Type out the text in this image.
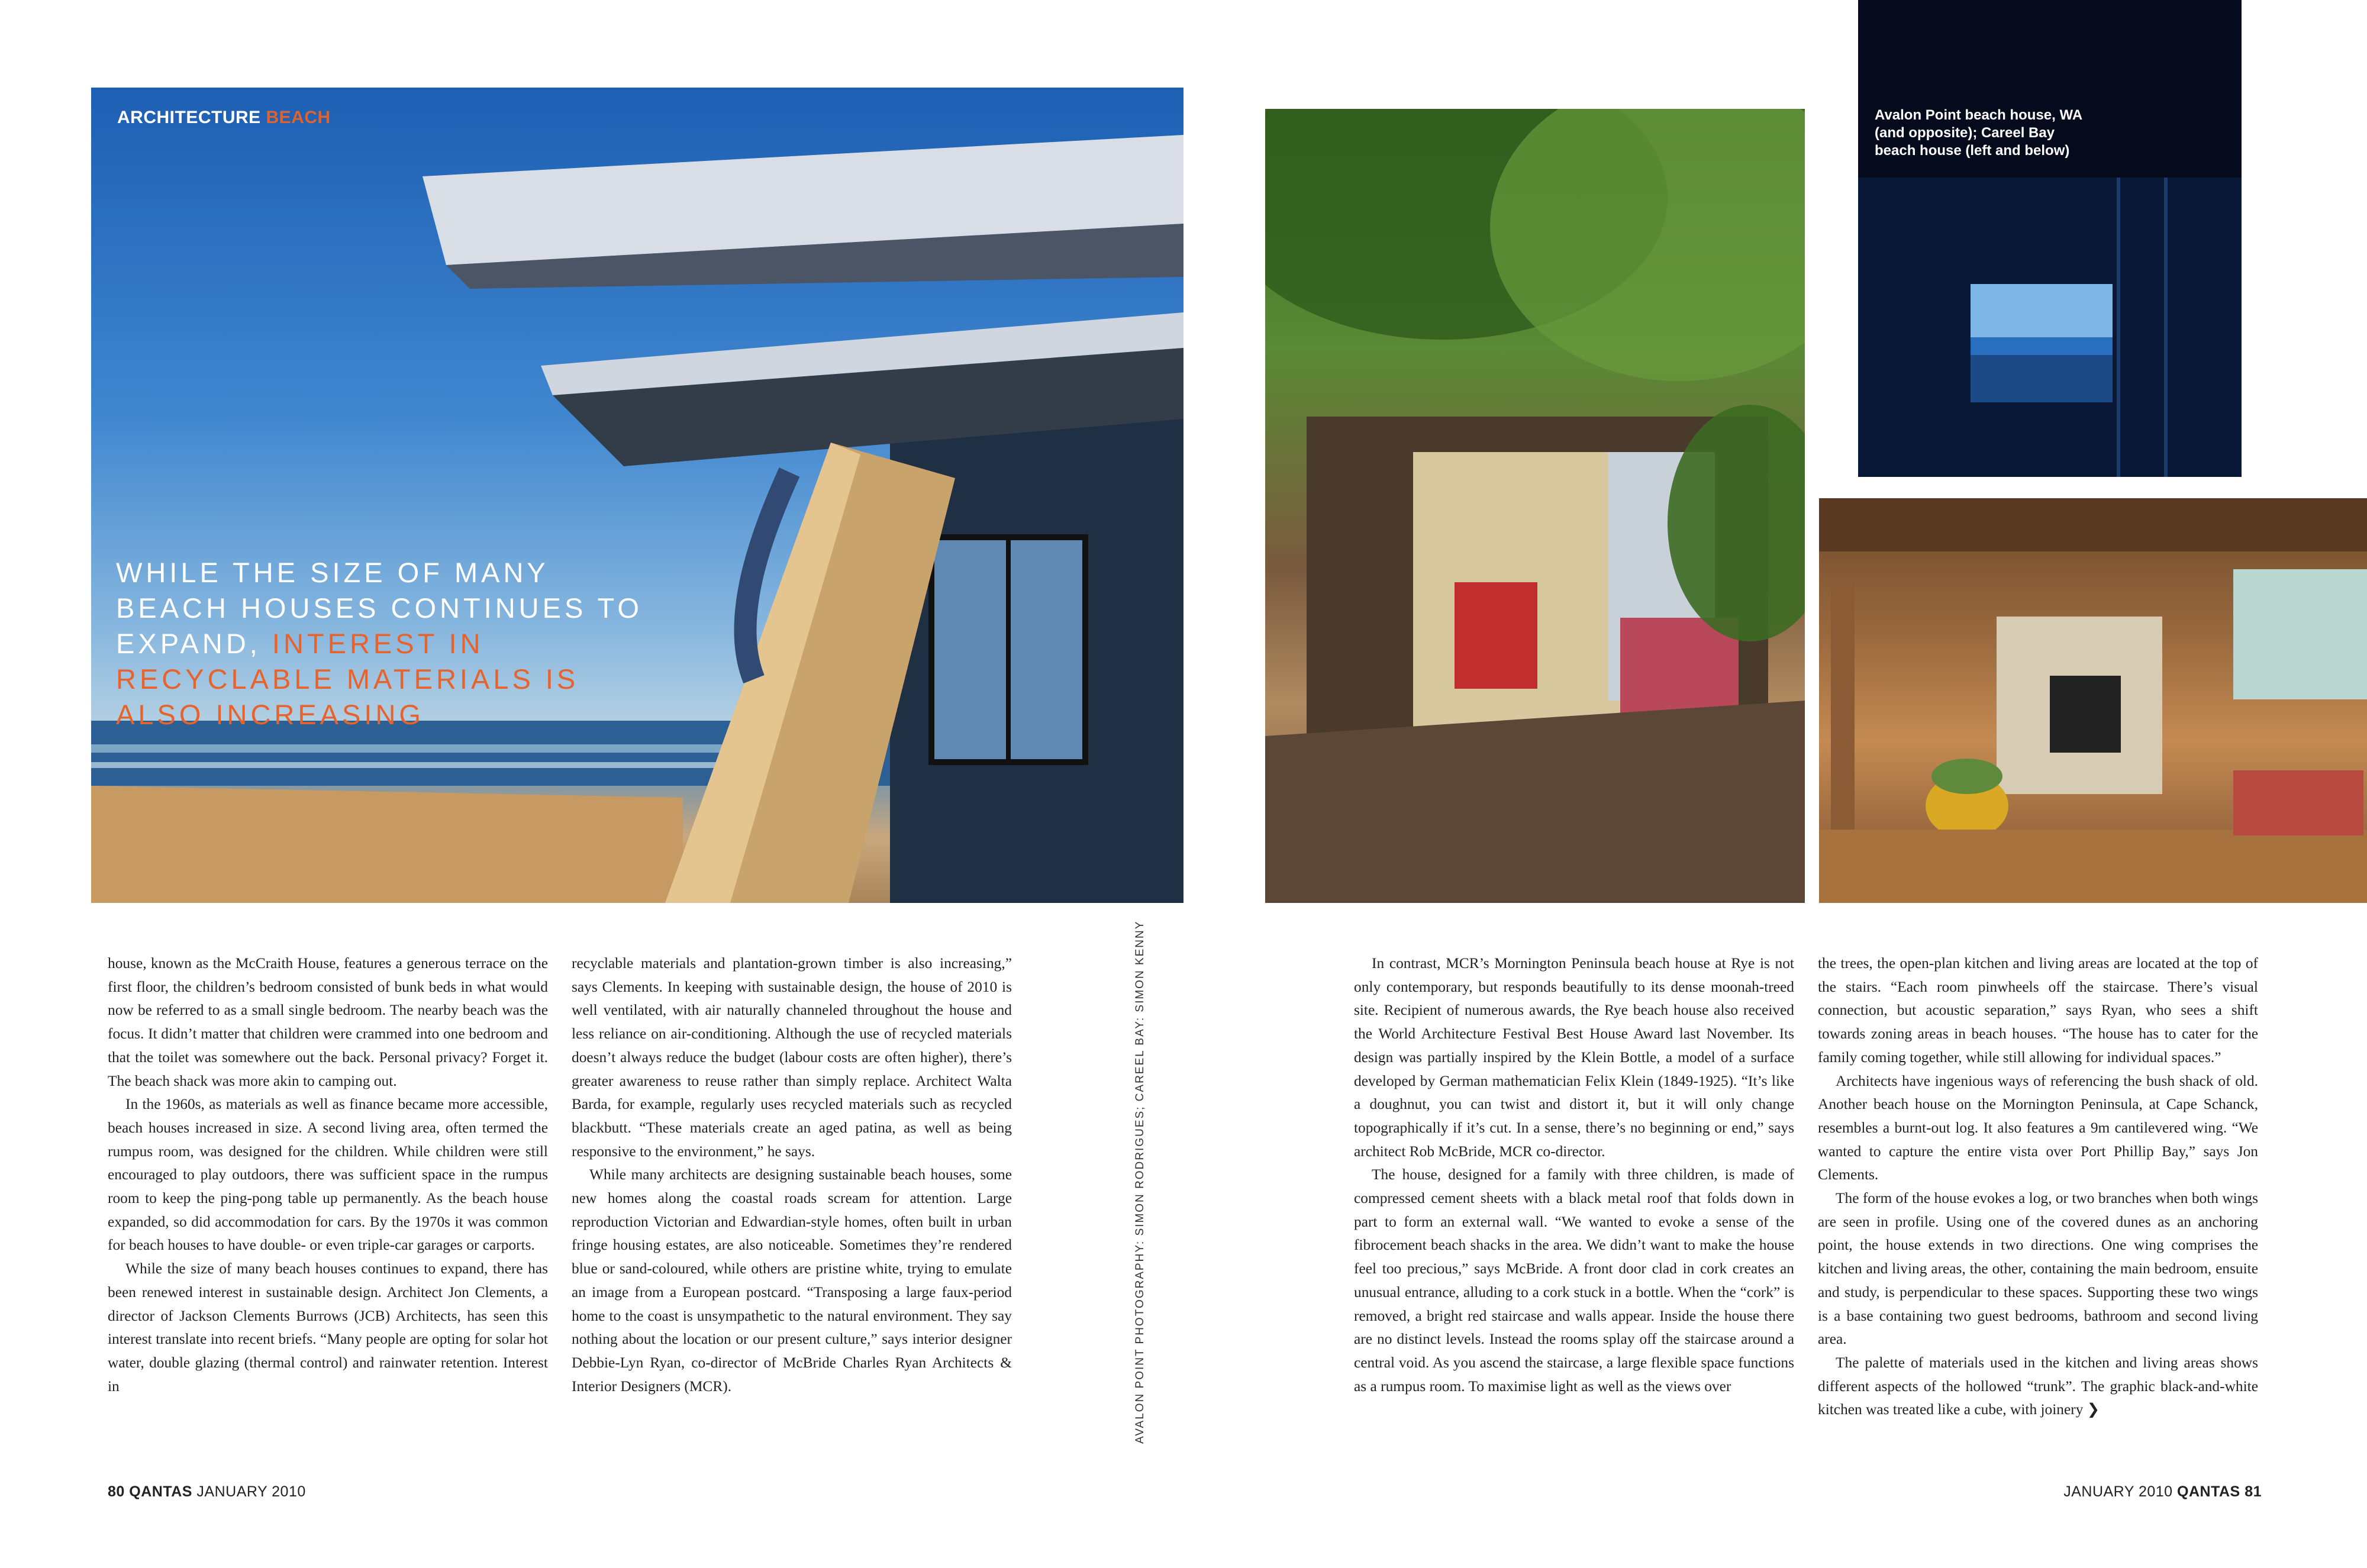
ARCHITECTURE BEACH
WHILE THE SIZE OF MANY BEACH HOUSES CONTINUES TO EXPAND, INTEREST IN RECYCLABLE MATERIALS IS ALSO INCREASING
Avalon Point beach house, WA (and opposite); Careel Bay beach house (left and below)

house, known as the McCraith House, features a generous terrace on the first floor, the children’s bedroom consisted of bunk beds in what would now be referred to as a small single bedroom. The nearby beach was the focus. It didn’t matter that children were crammed into one bedroom and that the toilet was somewhere out the back. Personal privacy? Forget it. The beach shack was more akin to camping out.

In the 1960s, as materials as well as finance became more accessible, beach houses increased in size. A second living area, often termed the rumpus room, was designed for the children. While children were still encouraged to play outdoors, there was sufficient space in the rumpus room to keep the ping-pong table up permanently. As the beach house expanded, so did accommodation for cars. By the 1970s it was common for beach houses to have double- or even triple-car garages or carports.

While the size of many beach houses continues to expand, there has been renewed interest in sustainable design. Architect Jon Clements, a director of Jackson Clements Burrows (JCB) Architects, has seen this interest translate into recent briefs. “Many people are opting for solar hot water, double glazing (thermal control) and rainwater retention. Interest in

recyclable materials and plantation-grown timber is also increasing,” says Clements. In keeping with sustainable design, the house of 2010 is well ventilated, with air naturally channeled throughout the house and less reliance on air-conditioning. Although the use of recycled materials doesn’t always reduce the budget (labour costs are often higher), there’s greater awareness to reuse rather than simply replace. Architect Walta Barda, for example, regularly uses recycled materials such as recycled blackbutt. “These materials create an aged patina, as well as being responsive to the environment,” he says.

While many architects are designing sustainable beach houses, some new homes along the coastal roads scream for attention. Large reproduction Victorian and Edwardian-style homes, often built in urban fringe housing estates, are also noticeable. Sometimes they’re rendered blue or sand-coloured, while others are pristine white, trying to emulate an image from a European postcard. “Transposing a large faux-period home to the coast is unsympathetic to the natural environment. They say nothing about the location or our present culture,” says interior designer Debbie-Lyn Ryan, co-director of McBride Charles Ryan Architects & Interior Designers (MCR).	AVALON POINT PHOTOGRAPHY: SIMON RODRIGUES; CAREEL BAY: SIMON KENNY	In contrast, MCR’s Mornington Peninsula beach house at Rye is not only contemporary, but responds beautifully to its dense moonah-treed site. Recipient of numerous awards, the Rye beach house also received the World Architecture Festival Best House Award last November. Its design was partially inspired by the Klein Bottle, a model of a surface developed by German mathematician Felix Klein (1849-1925). “It’s like a doughnut, you can twist and distort it, but it will only change topographically if it’s cut. In a sense, there’s no beginning or end,” says architect Rob McBride, MCR co-director.

The house, designed for a family with three children, is made of compressed cement sheets with a black metal roof that folds down in part to form an external wall. “We wanted to evoke a sense of the fibrocement beach shacks in the area. We didn’t want to make the house feel too precious,” says McBride. A front door clad in cork creates an unusual entrance, alluding to a cork stuck in a bottle. When the “cork” is removed, a bright red staircase and walls appear. Inside the house there are no distinct levels. Instead the rooms splay off the staircase around a central void. As you ascend the staircase, a large flexible space functions as a rumpus room. To maximise light as well as the views over

the trees, the open-plan kitchen and living areas are located at the top of the stairs. “Each room pinwheels off the staircase. There’s visual connection, but acoustic separation,” says Ryan, who sees a shift towards zoning areas in beach houses. “The house has to cater for the family coming together, while still allowing for individual spaces.”

Architects have ingenious ways of referencing the bush shack of old. Another beach house on the Mornington Peninsula, at Cape Schanck, resembles a burnt-out log. It also features a 9m cantilevered wing. “We wanted to capture the entire vista over Port Phillip Bay,” says Jon Clements.

The form of the house evokes a log, or two branches when both wings are seen in profile. Using one of the covered dunes as an anchoring point, the house extends in two directions. One wing comprises the kitchen and living areas, the other, containing the main bedroom, ensuite and study, is perpendicular to these spaces. Supporting these two wings is a base containing two guest bedrooms, bathroom and second living area.

The palette of materials used in the kitchen and living areas shows different aspects of the hollowed “trunk”. The graphic black-and-white kitchen was treated like a cube, with joinery ❯

80 QANTAS JANUARY 2010	JANUARY 2010 QANTAS 81
